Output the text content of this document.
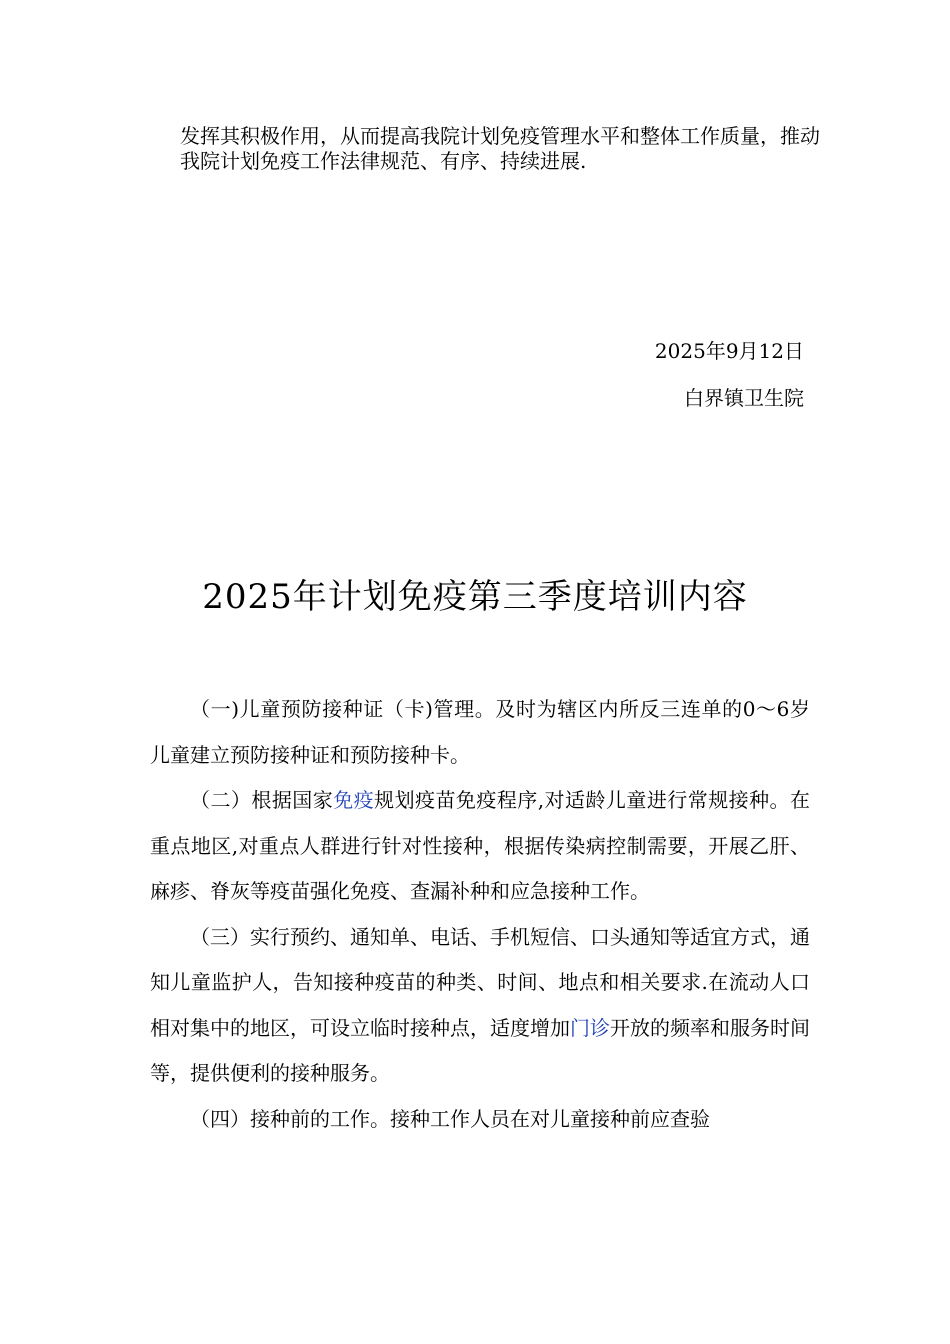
发挥其积极作用，从而提高我院计划免疫管理水平和整体工作质量，推动我院计划免疫工作法律规范、有序、持续进展.

2025年9月12日

白界镇卫生院

2025年计划免疫第三季度培训内容

（一)儿童预防接种证（卡)管理。及时为辖区内所反三连单的0～6岁儿童建立预防接种证和预防接种卡。

（二）根据国家免疫规划疫苗免疫程序,对适龄儿童进行常规接种。在重点地区,对重点人群进行针对性接种，根据传染病控制需要，开展乙肝、麻疹、脊灰等疫苗强化免疫、查漏补种和应急接种工作。

（三）实行预约、通知单、电话、手机短信、口头通知等适宜方式，通知儿童监护人，告知接种疫苗的种类、时间、地点和相关要求.在流动人口相对集中的地区，可设立临时接种点，适度增加门诊开放的频率和服务时间等，提供便利的接种服务。

（四）接种前的工作。接种工作人员在对儿童接种前应查验
